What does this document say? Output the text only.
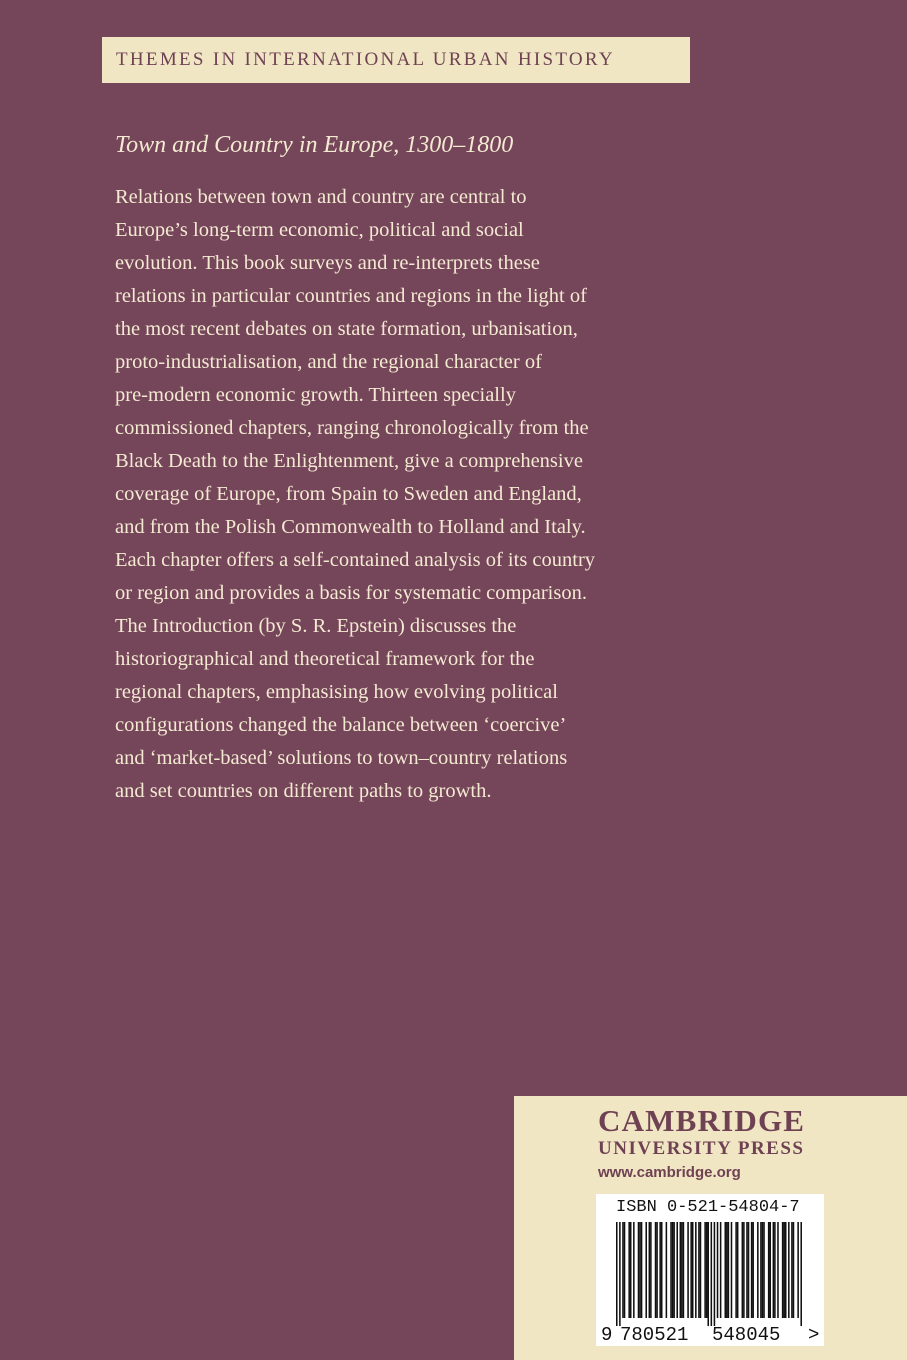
THEMES IN INTERNATIONAL URBAN HISTORY
Town and Country in Europe, 1300–1800

Relations between town and country are central to
Europe’s long-term economic, political and social
evolution. This book surveys and re-interprets these
relations in particular countries and regions in the light of
the most recent debates on state formation, urbanisation,
proto-industrialisation, and the regional character of
pre-modern economic growth. Thirteen specially
commissioned chapters, ranging chronologically from the
Black Death to the Enlightenment, give a comprehensive
coverage of Europe, from Spain to Sweden and England,
and from the Polish Commonwealth to Holland and Italy.
Each chapter offers a self-contained analysis of its country
or region and provides a basis for systematic comparison.
The Introduction (by S. R. Epstein) discusses the
historiographical and theoretical framework for the
regional chapters, emphasising how evolving political
configurations changed the balance between ‘coercive’
and ‘market-based’ solutions to town–country relations
and set countries on different paths to growth.

CAMBRIDGE

UNIVERSITY PRESS

www.cambridge.org

ISBN 0-521-54804-7

9 780521 548045 >
